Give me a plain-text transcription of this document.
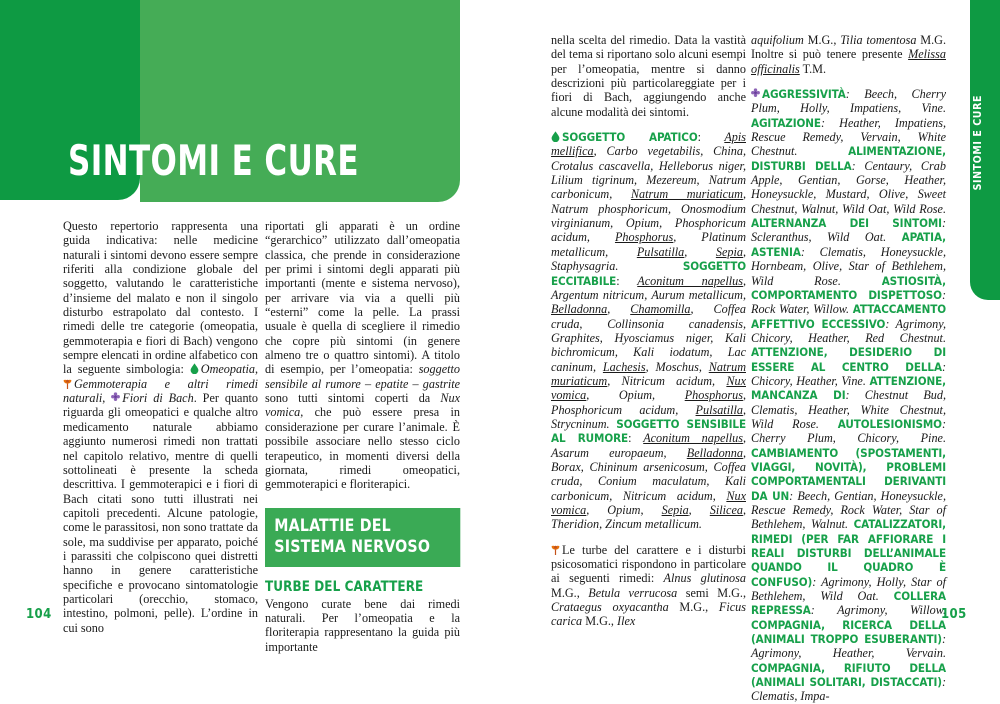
SINTOMI E CURE	SINTOMI E CURE

Questo repertorio rappresenta una guida indicativa: nelle medicine naturali i sintomi devono essere sempre riferiti alla condizione globale del soggetto, valutando le caratteristiche d’insieme del malato e non il singolo disturbo estrapolato dal contesto. I rimedi delle tre categorie (omeopatia, gemmoterapia e fiori di Bach) vengono sempre elencati in ordine alfabetico con la seguente simbologia:
Omeopatia,
Gemmoterapia e altri rimedi naturali,
Fiori di Bach. Per quanto riguarda gli omeopatici e qualche altro medicamento naturale abbiamo aggiunto numerosi rimedi non trattati nel capitolo relativo, mentre di quelli sottolineati è presente la scheda descrittiva. I gemmoterapici e i fiori di Bach citati sono tutti illustrati nei capitoli precedenti. Alcune patologie, come le parassitosi, non sono trattate da sole, ma suddivise per apparato, poiché i parassiti che colpiscono quei distretti hanno in genere caratteristiche specifiche e provocano sintomatologie particolari (orecchio, stomaco, intestino, polmoni, pelle). L’ordine in cui sono

riportati gli apparati è un ordine “gerarchico” utilizzato dall’omeopatia classica, che prende in considerazione per primi i sintomi degli apparati più importanti (mente e sistema nervoso), per arrivare via via a quelli più “esterni” come la pelle. La prassi usuale è quella di scegliere il rimedio che copre più sintomi (in genere almeno tre o quattro sintomi). A titolo di esempio, per l’omeopatia: soggetto sensibile al rumore – epatite – gastrite sono tutti sintomi coperti da Nux vomica, che può essere presa in considerazione per curare l’animale. È possibile associare nello stesso ciclo terapeutico, in momenti diversi della giornata, rimedi omeopatici, gemmoterapici e floriterapici.

MALATTIE DEL SISTEMA NERVOSO
TURBE DEL CARATTERE

Vengono curate bene dai rimedi naturali. Per l’omeopatia e la floriterapia rappresentano la guida più importante

nella scelta del rimedio. Data la vastità del tema si riportano solo alcuni esempi per l’omeopatia, mentre si danno descrizioni più particolareggiate per i fiori di Bach, aggiungendo anche alcune modalità dei sintomi.

SOGGETTO APATICO: Apis mellifica, Carbo vegetabilis, China, Crotalus cascavella, Helleborus niger, Lilium tigrinum, Mezereum, Natrum carbonicum, Natrum muriaticum, Natrum phosphoricum, Onosmodium virginianum, Opium, Phosphoricum acidum, Phosphorus, Platinum metallicum, Pulsatilla, Sepia, Staphysagria. SOGGETTO ECCITABILE: Aconitum napellus, Argentum nitricum, Aurum metallicum, Belladonna, Chamomilla, Coffea cruda, Collinsonia canadensis, Graphites, Hyosciamus niger, Kali bichromicum, Kali iodatum, Lac caninum, Lachesis, Moschus, Natrum muriaticum, Nitricum acidum, Nux vomica, Opium, Phosphorus, Phosphoricum acidum, Pulsatilla, Strycninum. SOGGETTO SENSIBILE AL RUMORE: Aconitum napellus, Asarum europaeum, Belladonna, Borax, Chininum arsenicosum, Coffea cruda, Conium maculatum, Kali carbonicum, Nitricum acidum, Nux vomica, Opium, Sepia, Silicea, Theridion, Zincum metallicum.

Le turbe del carattere e i disturbi psicosomatici rispondono in particolare ai seguenti rimedi: Alnus glutinosa M.G., Betula verrucosa semi M.G., Crataegus oxyacantha M.G., Ficus carica M.G., Ilex

aquifolium M.G., Tilia tomentosa M.G. Inoltre si può tenere presente Melissa officinalis T.M.

AGGRESSIVITÀ: Beech, Cherry Plum, Holly, Impatiens, Vine. AGITAZIONE: Heather, Impatiens, Rescue Remedy, Vervain, White Chestnut. ALIMENTAZIONE, DISTURBI DELLA: Centaury, Crab Apple, Gentian, Gorse, Heather, Honeysuckle, Mustard, Olive, Sweet Chestnut, Walnut, Wild Oat, Wild Rose. ALTERNANZA DEI SINTOMI: Scleranthus, Wild Oat. APATIA, ASTENIA: Clematis, Honeysuckle, Hornbeam, Olive, Star of Bethlehem, Wild Rose. ASTIOSITÀ, COMPORTAMENTO DISPETTOSO: Rock Water, Willow. ATTACCAMENTO AFFETTIVO ECCESSIVO: Agrimony, Chicory, Heather, Red Chestnut. ATTENZIONE, DESIDERIO DI ESSERE AL CENTRO DELLA: Chicory, Heather, Vine. ATTENZIONE, MANCANZA DI: Chestnut Bud, Clematis, Heather, White Chestnut, Wild Rose. AUTOLESIONISMO: Cherry Plum, Chicory, Pine. CAMBIAMENTO (SPOSTAMENTI, VIAGGI, NOVITÀ), PROBLEMI COMPORTAMENTALI DERIVANTI DA UN: Beech, Gentian, Honeysuckle, Rescue Remedy, Rock Water, Star of Bethlehem, Walnut. CATALIZZATORI, RIMEDI (PER FAR AFFIORARE I REALI DISTURBI DELL’ANIMALE QUANDO IL QUADRO È CONFUSO): Agrimony, Holly, Star of Bethlehem, Wild Oat. COLLERA REPRESSA: Agrimony, Willow. COMPAGNIA, RICERCA DELLA (ANIMALI TROPPO ESUBERANTI): Agrimony, Heather, Vervain. COMPAGNIA, RIFIUTO DELLA (ANIMALI SOLITARI, DISTACCATI): Clematis, Impa-

104	105
